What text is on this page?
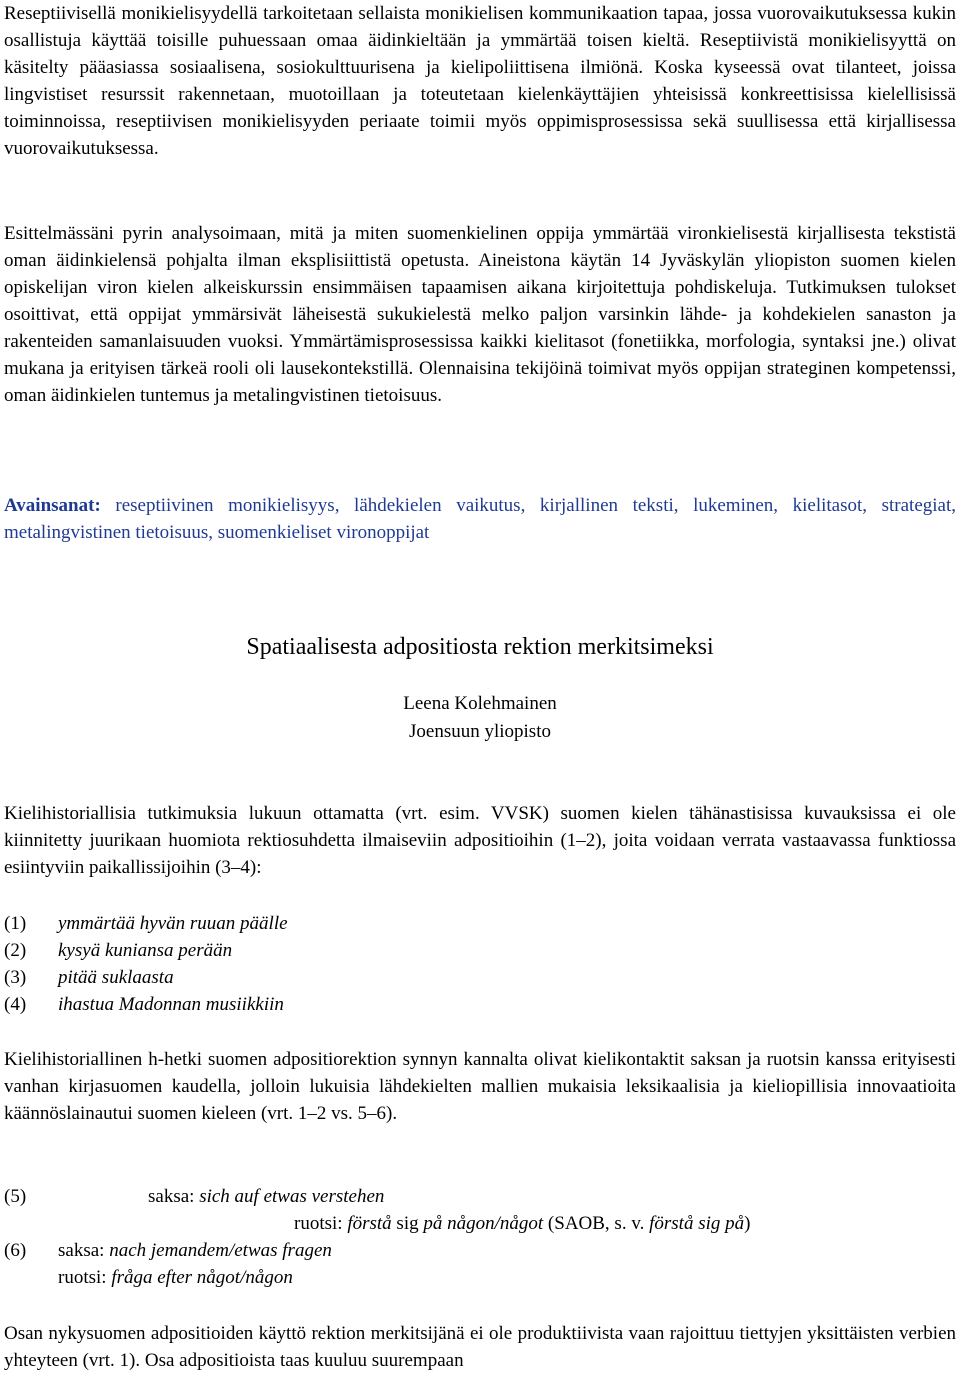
Reseptiivisellä monikielisyydellä tarkoitetaan sellaista monikielisen kommunikaation tapaa, jossa vuorovaikutuksessa kukin osallistuja käyttää toisille puhuessaan omaa äidinkieltään ja ymmärtää toisen kieltä. Reseptiivistä monikielisyyttä on käsitelty pääasiassa sosiaalisena, sosiokulttuurisena ja kielipoliittisena ilmiönä. Koska kyseessä ovat tilanteet, joissa lingvistiset resurssit rakennetaan, muotoillaan ja toteutetaan kielenkäyttäjien yhteisissä konkreettisissa kielellisissä toiminnoissa, reseptiivisen monikielisyyden periaate toimii myös oppimisprosessissa sekä suullisessa että kirjallisessa vuorovaikutuksessa.

Esittelmässäni pyrin analysoimaan, mitä ja miten suomenkielinen oppija ymmärtää vironkielisestä kirjallisesta tekstistä oman äidinkielensä pohjalta ilman eksplisiittistä opetusta. Aineistona käytän 14 Jyväskylän yliopiston suomen kielen opiskelijan viron kielen alkeiskurssin ensimmäisen tapaamisen aikana kirjoitettuja pohdiskeluja. Tutkimuksen tulokset osoittivat, että oppijat ymmärsivät läheisestä sukukielestä melko paljon varsinkin lähde- ja kohdekielen sanaston ja rakenteiden samanlaisuuden vuoksi. Ymmärtämisprosessissa kaikki kielitasot (fonetiikka, morfologia, syntaksi jne.) olivat mukana ja erityisen tärkeä rooli oli lausekontekstillä. Olennaisina tekijöinä toimivat myös oppijan strateginen kompetenssi, oman äidinkielen tuntemus ja metalingvistinen tietoisuus.

Avainsanat: reseptiivinen monikielisyys, lähdekielen vaikutus, kirjallinen teksti, lukeminen, kielitasot, strategiat, metalingvistinen tietoisuus, suomenkieliset vironoppijat

Spatiaalisesta adpositiosta rektion merkitsimeksi

Leena Kolehmainen

Joensuun yliopisto

Kielihistoriallisia tutkimuksia lukuun ottamatta (vrt. esim. VVSK) suomen kielen tähänastisissa kuvauksissa ei ole kiinnitetty juurikaan huomiota rektiosuhdetta ilmaiseviin adpositioihin (1–2), joita voidaan verrata vastaavassa funktiossa esiintyviin paikallissijoihin (3–4):

(1) ymmärtää hyvän ruuan päälle

(2) kysyä kuniansa perään

(3) pitää suklaasta

(4) ihastua Madonnan musiikkiin

Kielihistoriallinen h-hetki suomen adpositiorektion synnyn kannalta olivat kielikontaktit saksan ja ruotsin kanssa erityisesti vanhan kirjasuomen kaudella, jolloin lukuisia lähdekielten mallien mukaisia leksikaalisia ja kieliopillisia innovaatioita käännöslainautui suomen kieleen (vrt. 1–2 vs. 5–6).

(5)	saksa: sich auf etwas verstehen

ruotsi: förstå sig på någon/något (SAOB, s. v. förstå sig på)

(6) saksa: nach jemandem/etwas fragen

ruotsi: fråga efter något/någon

Osan nykysuomen adpositioiden käyttö rektion merkitsijänä ei ole produktiivista vaan rajoittuu tiettyjen yksittäisten verbien yhteyteen (vrt. 1). Osa adpositioista taas kuuluu suurempaan
